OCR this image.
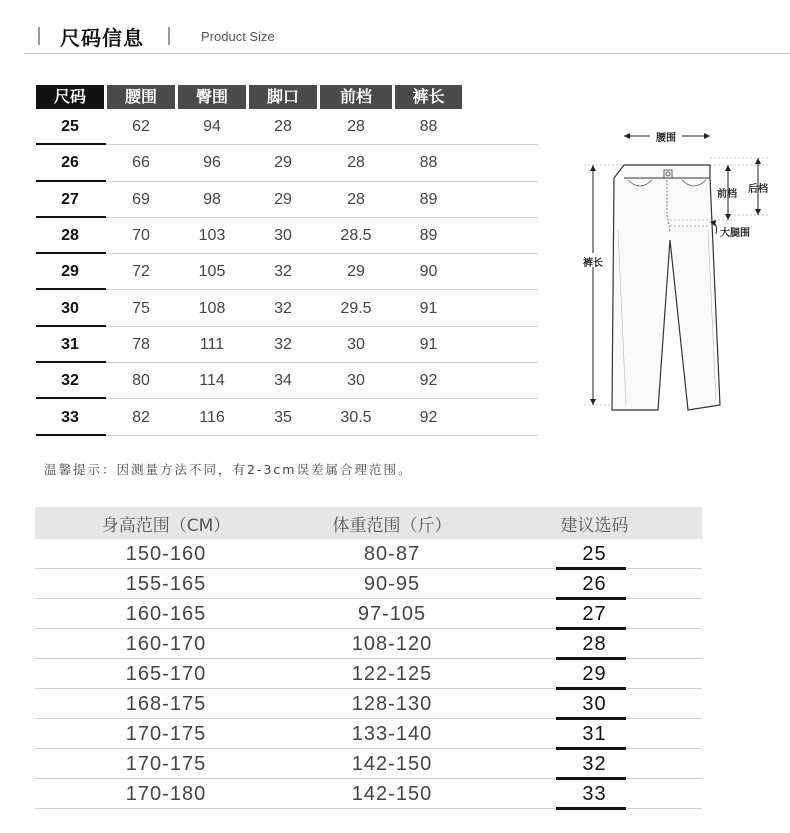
尺码信息	Product Size
尺码	腰围	臀围	脚口	前档	裤长
25	62	94	28	28	88
26	66	96	29	28	88
27	69	98	29	28	89
28	70	103	30	28.5	89
29	72	105	32	29	90
30	75	108	32	29.5	91
31	78	111	32	30	91
32	80	114	34	30	92
33	82	116	35	30.5	92
腰围
前档 后档
大腿围
裤长
温馨提示：因测量方法不同，有2-3cm误差属合理范围。
身高范围（CM）	体重范围（斤）	建议选码
150-160	80-87	25
155-165	90-95	26
160-165	97-105	27
160-170	108-120	28
165-170	122-125	29
168-175	128-130	30
170-175	133-140	31
170-175	142-150	32
170-180	142-150	33
